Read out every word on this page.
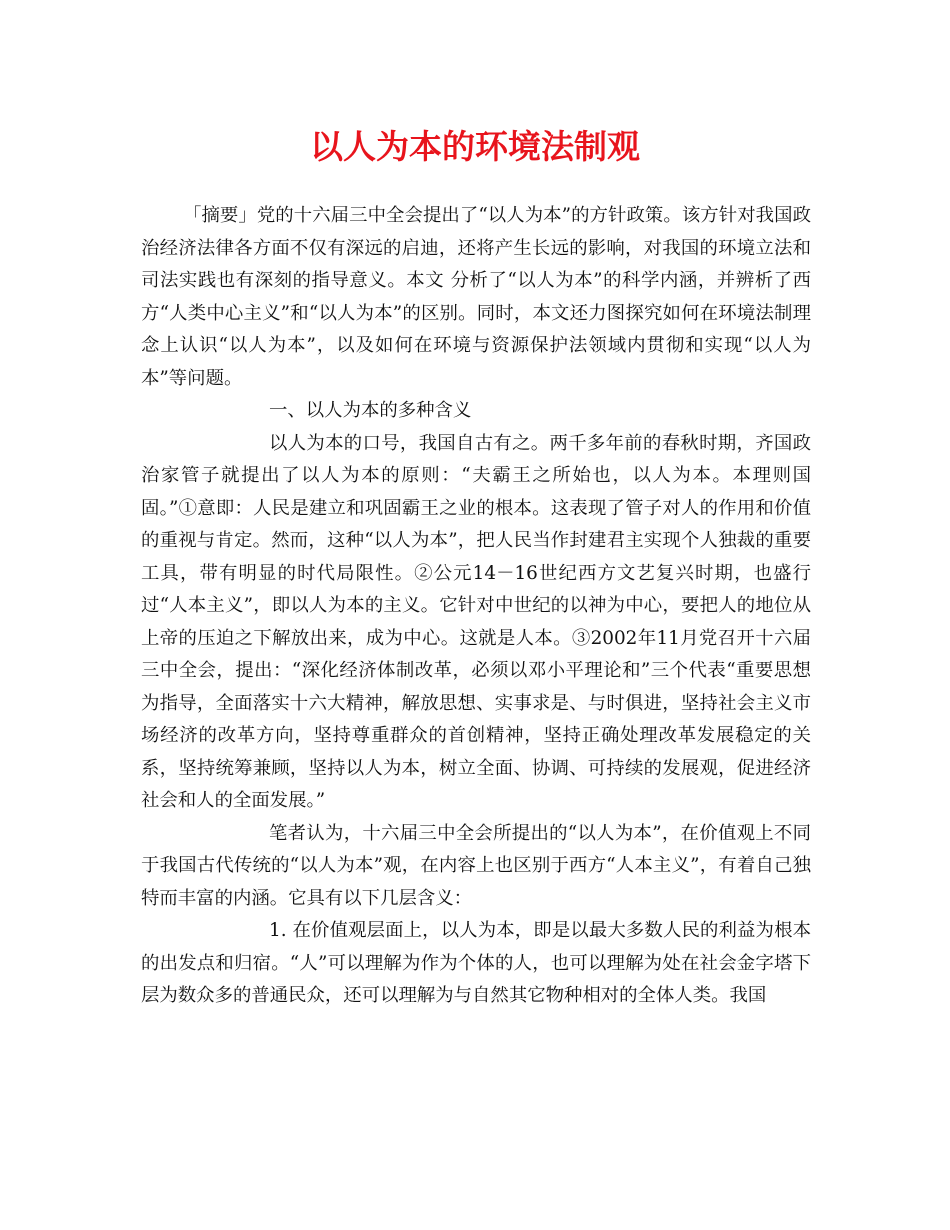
以人为本的环境法制观

「摘要」党的十六届三中全会提出了“以人为本”的方针政策。该方针对我国政治经济法律各方面不仅有深远的启迪，还将产生长远的影响，对我国的环境立法和司法实践也有深刻的指导意义。本文 分析了“以人为本”的科学内涵，并辨析了西方“人类中心主义”和“以人为本”的区别。同时，本文还力图探究如何在环境法制理念上认识“以人为本”，以及如何在环境与资源保护法领域内贯彻和实现“以人为本”等问题。

一、以人为本的多种含义

以人为本的口号，我国自古有之。两千多年前的春秋时期，齐国政治家管子就提出了以人为本的原则：“夫霸王之所始也，以人为本。本理则国固。”①意即：人民是建立和巩固霸王之业的根本。这表现了管子对人的作用和价值的重视与肯定。然而，这种“以人为本”，把人民当作封建君主实现个人独裁的重要工具，带有明显的时代局限性。②公元14－16世纪西方文艺复兴时期，也盛行过“人本主义”，即以人为本的主义。它针对中世纪的以神为中心，要把人的地位从上帝的压迫之下解放出来，成为中心。这就是人本。③2002年11月党召开十六届三中全会，提出：“深化经济体制改革，必须以邓小平理论和”三个代表“重要思想为指导，全面落实十六大精神，解放思想、实事求是、与时俱进，坚持社会主义市场经济的改革方向，坚持尊重群众的首创精神，坚持正确处理改革发展稳定的关系，坚持统筹兼顾，坚持以人为本，树立全面、协调、可持续的发展观，促进经济社会和人的全面发展。”

笔者认为，十六届三中全会所提出的“以人为本”，在价值观上不同于我国古代传统的“以人为本”观，在内容上也区别于西方“人本主义”，有着自己独特而丰富的内涵。它具有以下几层含义：

1. 在价值观层面上，以人为本，即是以最大多数人民的利益为根本的出发点和归宿。“人”可以理解为作为个体的人，也可以理解为处在社会金字塔下层为数众多的普通民众，还可以理解为与自然其它物种相对的全体人类。我国
